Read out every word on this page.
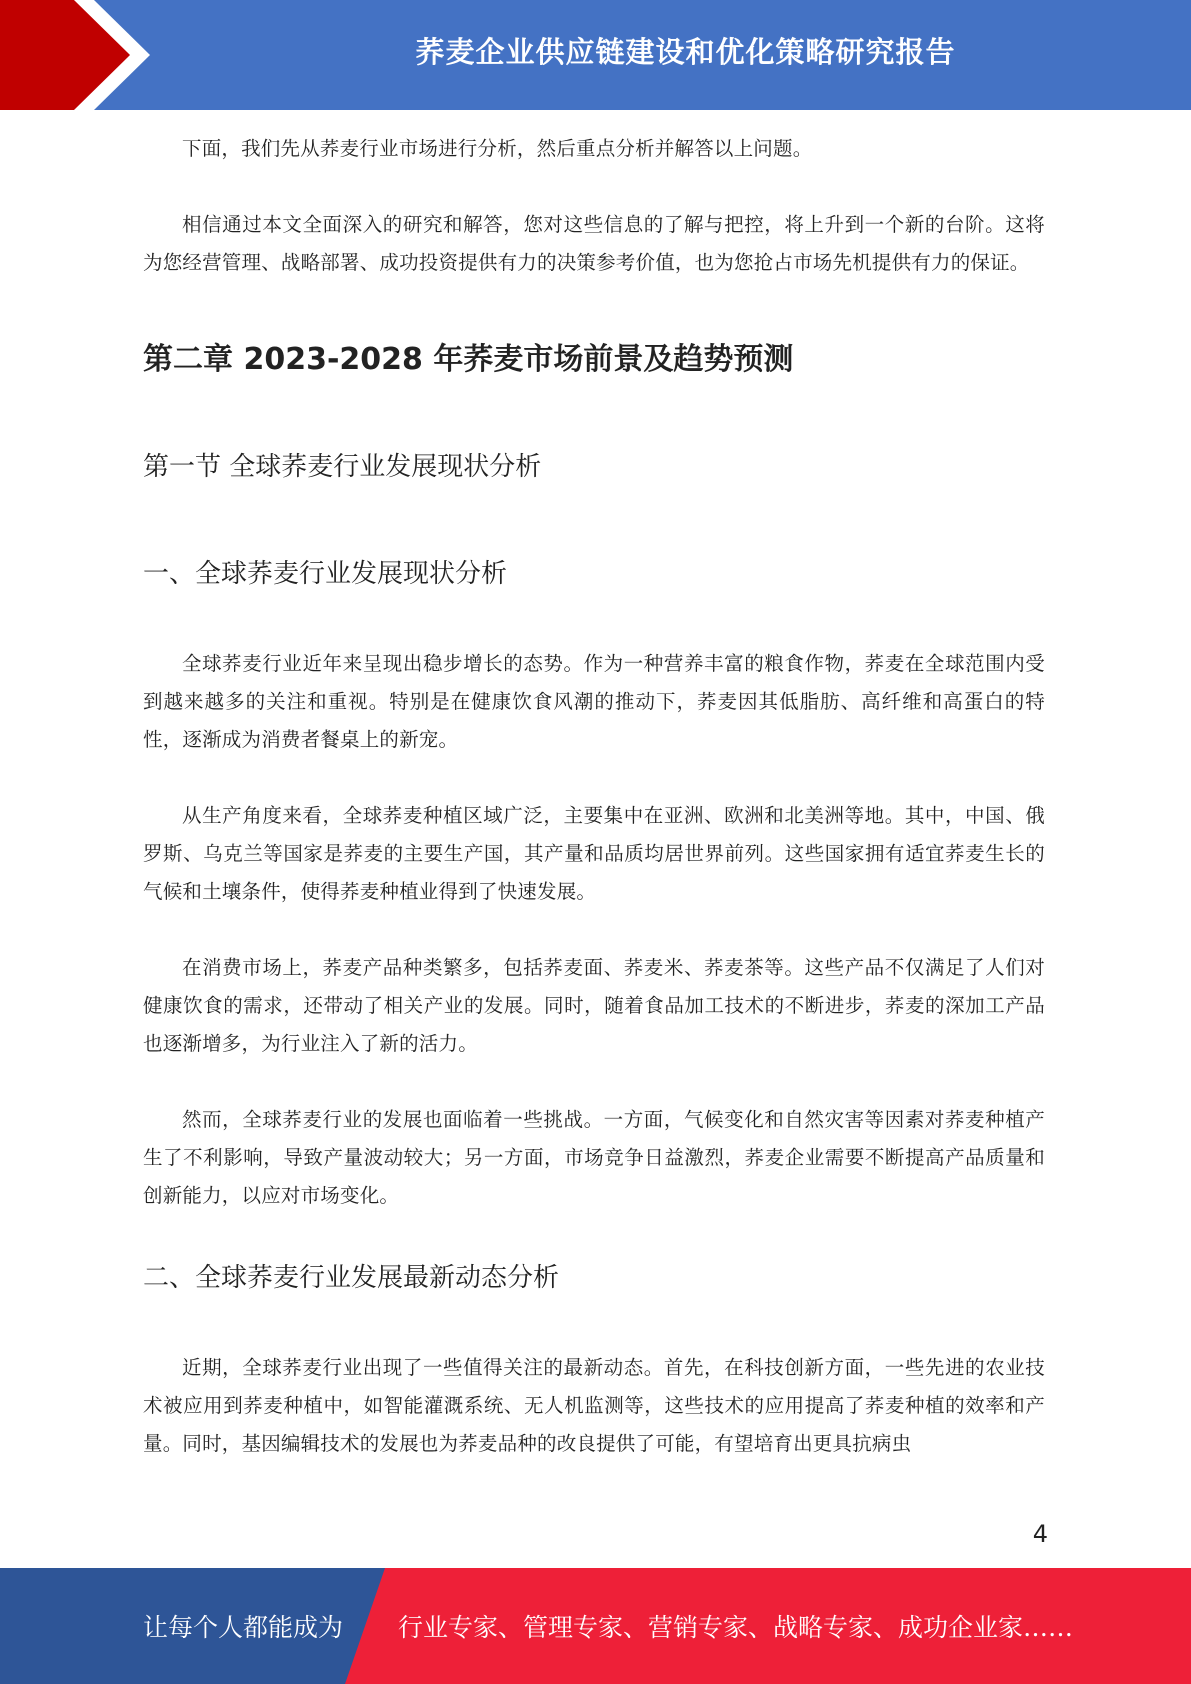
荞麦企业供应链建设和优化策略研究报告

下面，我们先从荞麦行业市场进行分析，然后重点分析并解答以上问题。

相信通过本文全面深入的研究和解答，您对这些信息的了解与把控，将上升到一个新的台阶。这将为您经营管理、战略部署、成功投资提供有力的决策参考价值，也为您抢占市场先机提供有力的保证。

第二章 2023-2028 年荞麦市场前景及趋势预测
第一节 全球荞麦行业发展现状分析
一、全球荞麦行业发展现状分析

全球荞麦行业近年来呈现出稳步增长的态势。作为一种营养丰富的粮食作物，荞麦在全球范围内受到越来越多的关注和重视。特别是在健康饮食风潮的推动下，荞麦因其低脂肪、高纤维和高蛋白的特性，逐渐成为消费者餐桌上的新宠。

从生产角度来看，全球荞麦种植区域广泛，主要集中在亚洲、欧洲和北美洲等地。其中，中国、俄罗斯、乌克兰等国家是荞麦的主要生产国，其产量和品质均居世界前列。这些国家拥有适宜荞麦生长的气候和土壤条件，使得荞麦种植业得到了快速发展。

在消费市场上，荞麦产品种类繁多，包括荞麦面、荞麦米、荞麦茶等。这些产品不仅满足了人们对健康饮食的需求，还带动了相关产业的发展。同时，随着食品加工技术的不断进步，荞麦的深加工产品也逐渐增多，为行业注入了新的活力。

然而，全球荞麦行业的发展也面临着一些挑战。一方面，气候变化和自然灾害等因素对荞麦种植产生了不利影响，导致产量波动较大；另一方面，市场竞争日益激烈，荞麦企业需要不断提高产品质量和创新能力，以应对市场变化。

二、全球荞麦行业发展最新动态分析

近期，全球荞麦行业出现了一些值得关注的最新动态。首先，在科技创新方面，一些先进的农业技术被应用到荞麦种植中，如智能灌溉系统、无人机监测等，这些技术的应用提高了荞麦种植的效率和产量。同时，基因编辑技术的发展也为荞麦品种的改良提供了可能，有望培育出更具抗病虫

4
让每个人都能成为 行业专家、管理专家、营销专家、战略专家、成功企业家……
